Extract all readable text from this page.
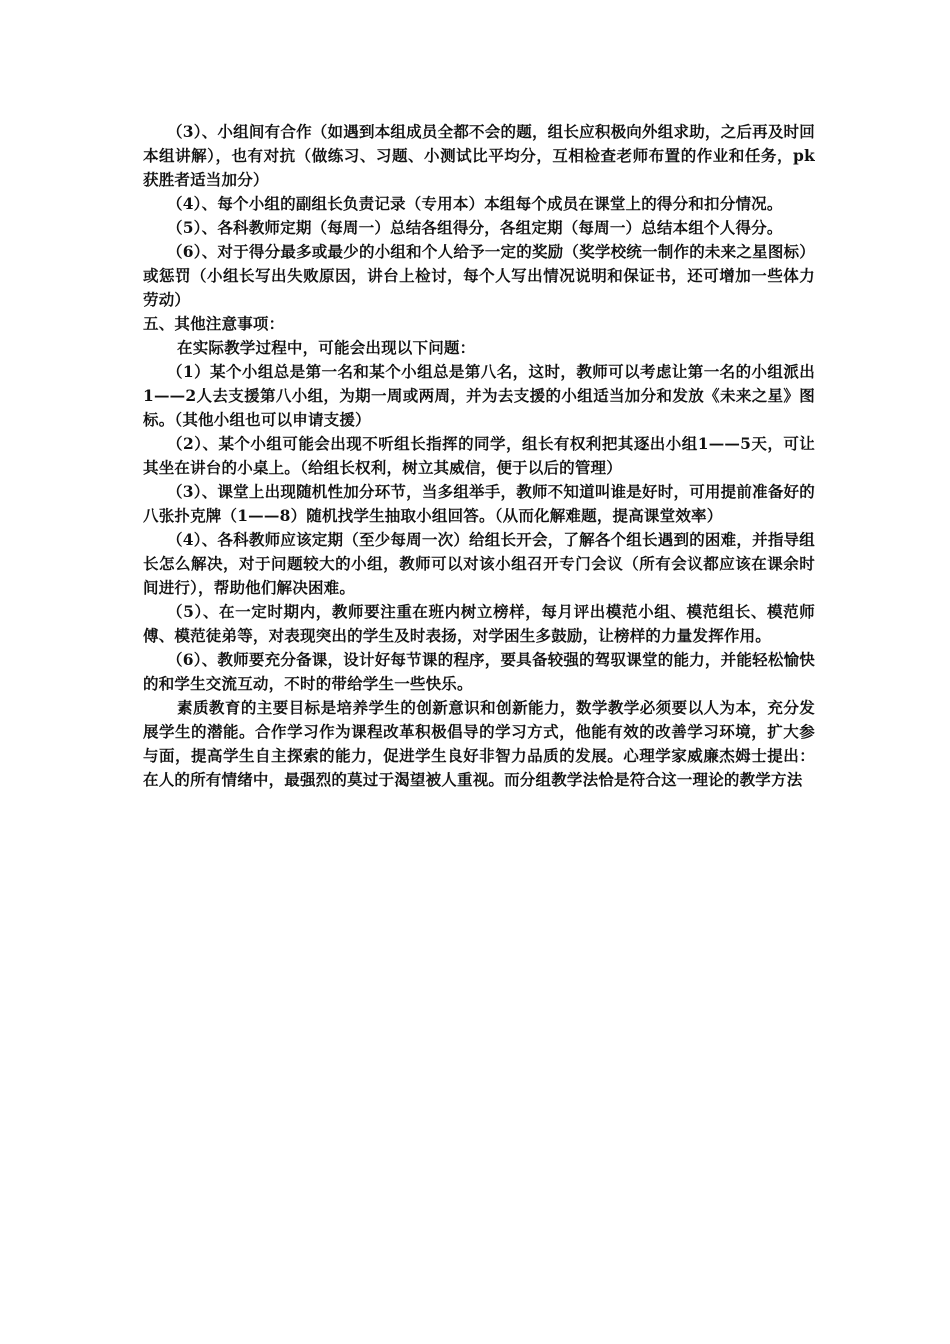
（3）、小组间有合作（如遇到本组成员全都不会的题，组长应积极向外组求助，之后再及时回本组讲解），也有对抗（做练习、习题、小测试比平均分，互相检查老师布置的作业和任务，pk获胜者适当加分）

（4）、每个小组的副组长负责记录（专用本）本组每个成员在课堂上的得分和扣分情况。

（5）、各科教师定期（每周一）总结各组得分，各组定期（每周一）总结本组个人得分。

（6）、对于得分最多或最少的小组和个人给予一定的奖励（奖学校统一制作的未来之星图标）或惩罚（小组长写出失败原因，讲台上检讨，每个人写出情况说明和保证书，还可增加一些体力劳动）

五、其他注意事项：

在实际教学过程中，可能会出现以下问题：

（1）某个小组总是第一名和某个小组总是第八名，这时，教师可以考虑让第一名的小组派出1——2人去支援第八小组，为期一周或两周，并为去支援的小组适当加分和发放《未来之星》图标。（其他小组也可以申请支援）

（2）、某个小组可能会出现不听组长指挥的同学，组长有权利把其逐出小组1——5天，可让其坐在讲台的小桌上。（给组长权利，树立其威信，便于以后的管理）

（3）、课堂上出现随机性加分环节，当多组举手，教师不知道叫谁是好时，可用提前准备好的八张扑克牌（1——8）随机找学生抽取小组回答。（从而化解难题，提高课堂效率）

（4）、各科教师应该定期（至少每周一次）给组长开会，了解各个组长遇到的困难，并指导组长怎么解决，对于问题较大的小组，教师可以对该小组召开专门会议（所有会议都应该在课余时间进行），帮助他们解决困难。

（5）、在一定时期内，教师要注重在班内树立榜样，每月评出模范小组、模范组长、模范师傅、模范徒弟等，对表现突出的学生及时表扬，对学困生多鼓励，让榜样的力量发挥作用。

（6）、教师要充分备课，设计好每节课的程序，要具备较强的驾驭课堂的能力，并能轻松愉快的和学生交流互动，不时的带给学生一些快乐。

素质教育的主要目标是培养学生的创新意识和创新能力，数学教学必须要以人为本，充分发展学生的潜能。合作学习作为课程改革积极倡导的学习方式，他能有效的改善学习环境，扩大参与面，提高学生自主探索的能力，促进学生良好非智力品质的发展。心理学家威廉杰姆士提出：在人的所有情绪中，最强烈的莫过于渴望被人重视。而分组教学法恰是符合这一理论的教学方法
